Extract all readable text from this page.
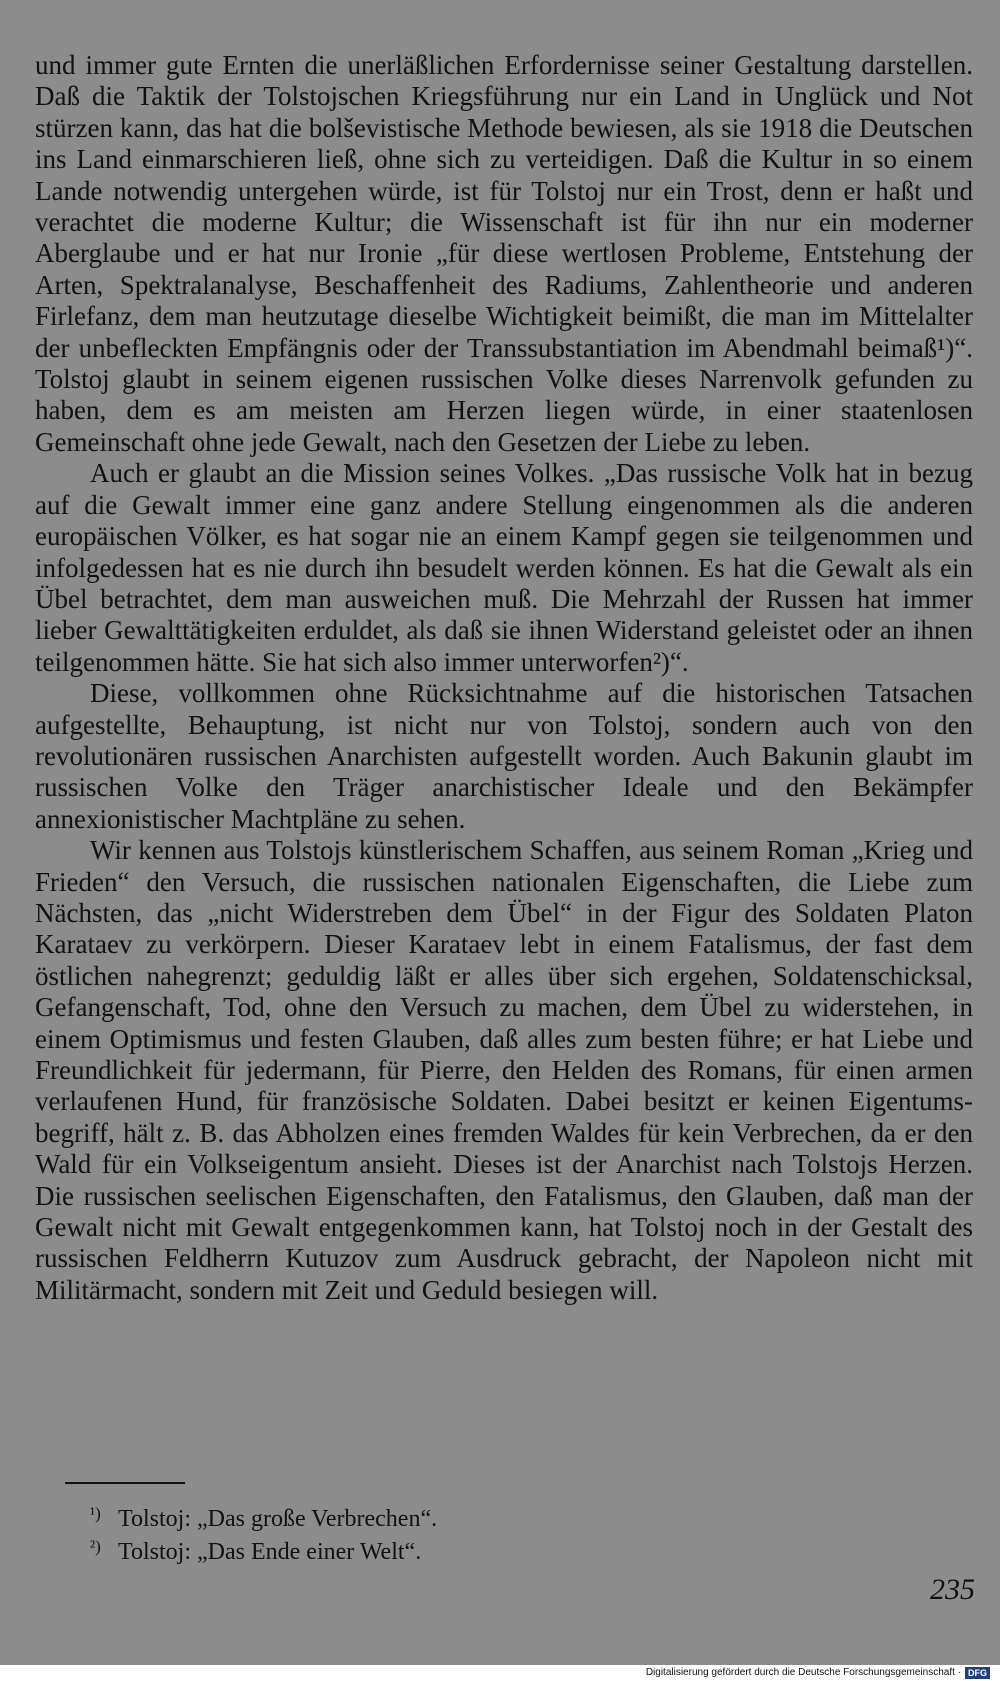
und immer gute Ernten die unerläßlichen Erfordernisse seiner Gestaltung darstellen. Daß die Taktik der Tolstojschen Kriegsführung nur ein Land in Unglück und Not stürzen kann, das hat die bolševistische Methode bewiesen, als sie 1918 die Deutschen ins Land einmarschieren ließ, ohne sich zu verteidigen. Daß die Kultur in so einem Lande notwendig untergehen würde, ist für Tolstoj nur ein Trost, denn er haßt und verachtet die moderne Kultur; die Wissenschaft ist für ihn nur ein moderner Aberglaube und er hat nur Ironie „für diese wertlosen Probleme, Entstehung der Arten, Spektralanalyse, Beschaffenheit des Radiums, Zahlentheorie und anderen Firlefanz, dem man heutzutage dieselbe Wichtigkeit beimißt, die man im Mittelalter der unbefleckten Empfängnis oder der Transsubstantiation im Abendmahl beimaß¹)“. Tolstoj glaubt in seinem eigenen russischen Volke dieses Narrenvolk gefunden zu haben, dem es am meisten am Herzen liegen würde, in einer staatenlosen Gemeinschaft ohne jede Gewalt, nach den Gesetzen der Liebe zu leben.

Auch er glaubt an die Mission seines Volkes. „Das russische Volk hat in bezug auf die Gewalt immer eine ganz andere Stellung eingenommen als die anderen europäischen Völker, es hat sogar nie an einem Kampf gegen sie teilgenommen und infolgedessen hat es nie durch ihn besudelt werden können. Es hat die Gewalt als ein Übel betrachtet, dem man ausweichen muß. Die Mehrzahl der Russen hat immer lieber Gewalttätigkeiten erduldet, als daß sie ihnen Widerstand geleistet oder an ihnen teilgenommen hätte. Sie hat sich also immer unterworfen²)“.

Diese, vollkommen ohne Rücksichtnahme auf die historischen Tatsachen aufgestellte, Behauptung, ist nicht nur von Tolstoj, sondern auch von den revolutionären russischen Anarchisten aufgestellt worden. Auch Bakunin glaubt im russischen Volke den Träger anarchistischer Ideale und den Bekämpfer annexionistischer Machtpläne zu sehen.

Wir kennen aus Tolstojs künstlerischem Schaffen, aus seinem Roman „Krieg und Frieden“ den Versuch, die russischen nationalen Eigenschaften, die Liebe zum Nächsten, das „nicht Widerstreben dem Übel“ in der Figur des Soldaten Platon Karataev zu verkörpern. Dieser Karataev lebt in einem Fatalismus, der fast dem östlichen nahegrenzt; geduldig läßt er alles über sich ergehen, Soldatenschicksal, Gefangenschaft, Tod, ohne den Versuch zu machen, dem Übel zu widerstehen, in einem Optimismus und festen Glauben, daß alles zum besten führe; er hat Liebe und Freundlichkeit für jedermann, für Pierre, den Helden des Romans, für einen armen verlaufenen Hund, für französische Soldaten. Dabei besitzt er keinen Eigentumsbegriff, hält z. B. das Abholzen eines fremden Waldes für kein Verbrechen, da er den Wald für ein Volkseigentum ansieht. Dieses ist der Anarchist nach Tolstojs Herzen. Die russischen seelischen Eigenschaften, den Fatalismus, den Glauben, daß man der Gewalt nicht mit Gewalt entgegenkommen kann, hat Tolstoj noch in der Gestalt des russischen Feldherrn Kutuzov zum Ausdruck gebracht, der Napoleon nicht mit Militärmacht, sondern mit Zeit und Geduld besiegen will.

¹) Tolstoj: „Das große Verbrechen“.
²) Tolstoj: „Das Ende einer Welt“.
235
Digitalisierung gefördert durch die Deutsche Forschungsgemeinschaft · DFG
